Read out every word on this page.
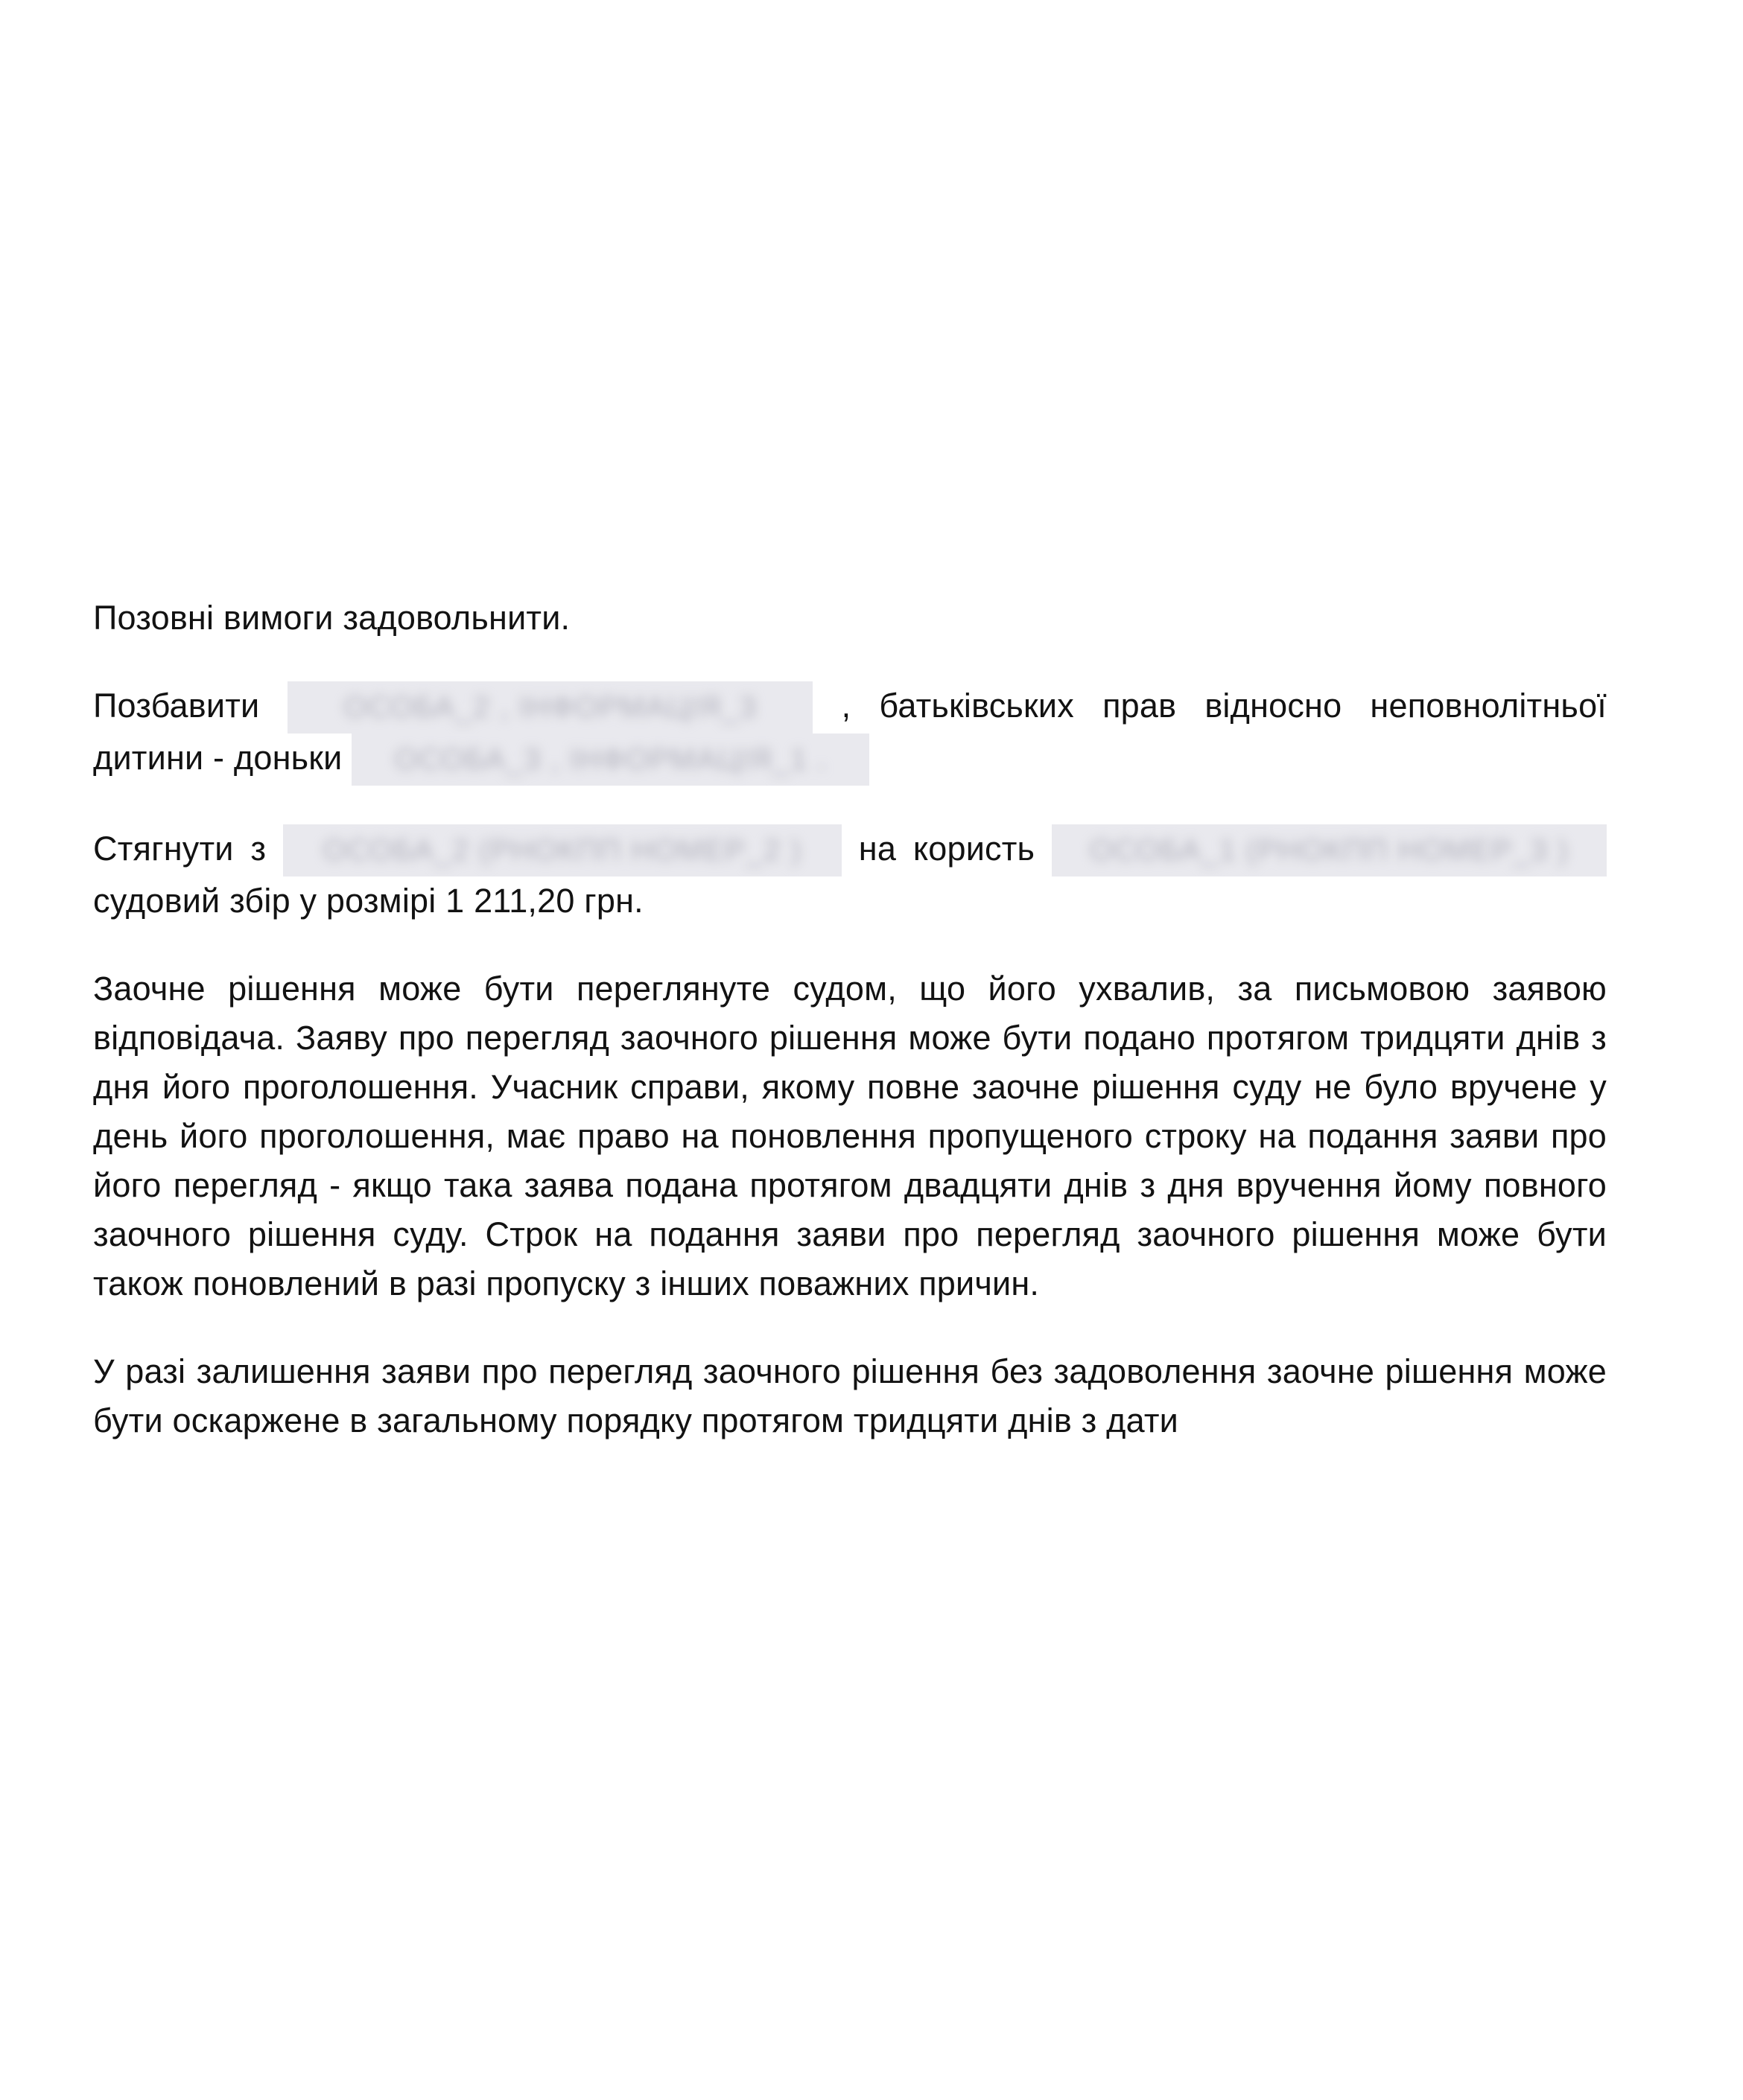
Позовні вимоги задовольнити.

Позбавити ОСОБА_2 , ІНФОРМАЦІЯ_3 , батьківських прав відносно неповнолітньої дитини - доньки ОСОБА_3 , ІНФОРМАЦІЯ_1 .

Стягнути з ОСОБА_2 (РНОКПП НОМЕР_2 ) на користь ОСОБА_1 (РНОКПП НОМЕР_3 ) судовий збір у розмірі 1 211,20 грн.

Заочне рішення може бути переглянуте судом, що його ухвалив, за письмовою заявою відповідача. Заяву про перегляд заочного рішення може бути подано протягом тридцяти днів з дня його проголошення. Учасник справи, якому повне заочне рішення суду не було вручене у день його проголошення, має право на поновлення пропущеного строку на подання заяви про його перегляд - якщо така заява подана протягом двадцяти днів з дня вручення йому повного заочного рішення суду. Строк на подання заяви про перегляд заочного рішення може бути також поновлений в разі пропуску з інших поважних причин.

У разі залишення заяви про перегляд заочного рішення без задоволення заочне рішення може бути оскаржене в загальному порядку протягом тридцяти днів з дати
